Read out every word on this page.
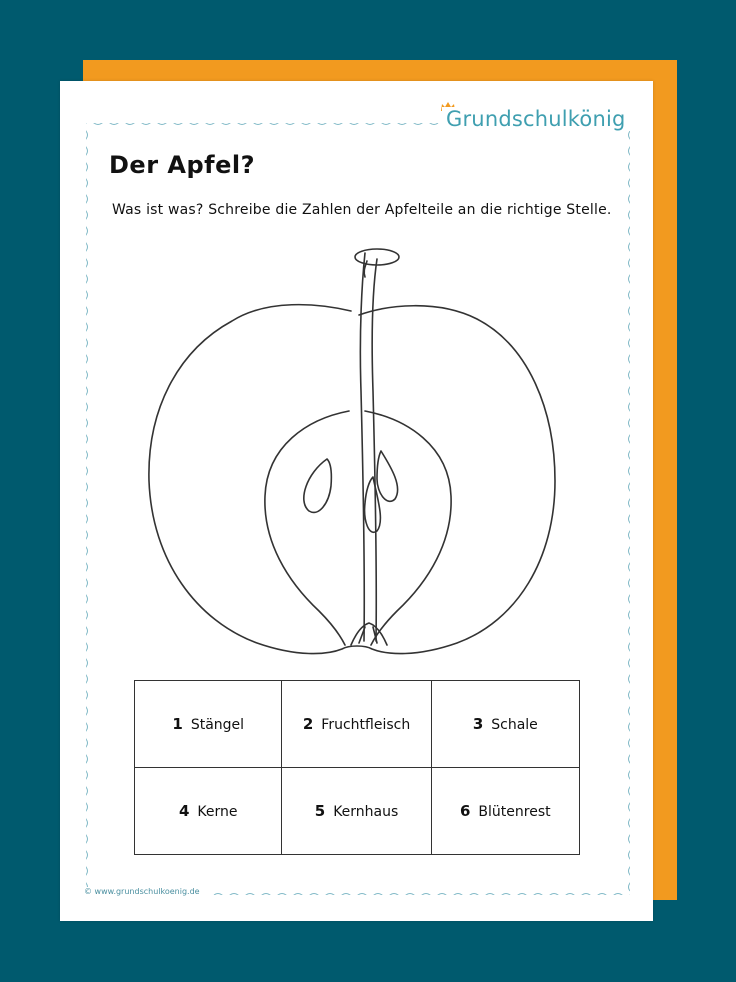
Grundschulkönig
Der Apfel?
Was ist was? Schreibe die Zahlen der Apfelteile an die richtige Stelle.
1 Stängel	2 Fruchtfleisch	3 Schale
4 Kerne	5 Kernhaus	6 Blütenrest
© www.grundschulkoenig.de
